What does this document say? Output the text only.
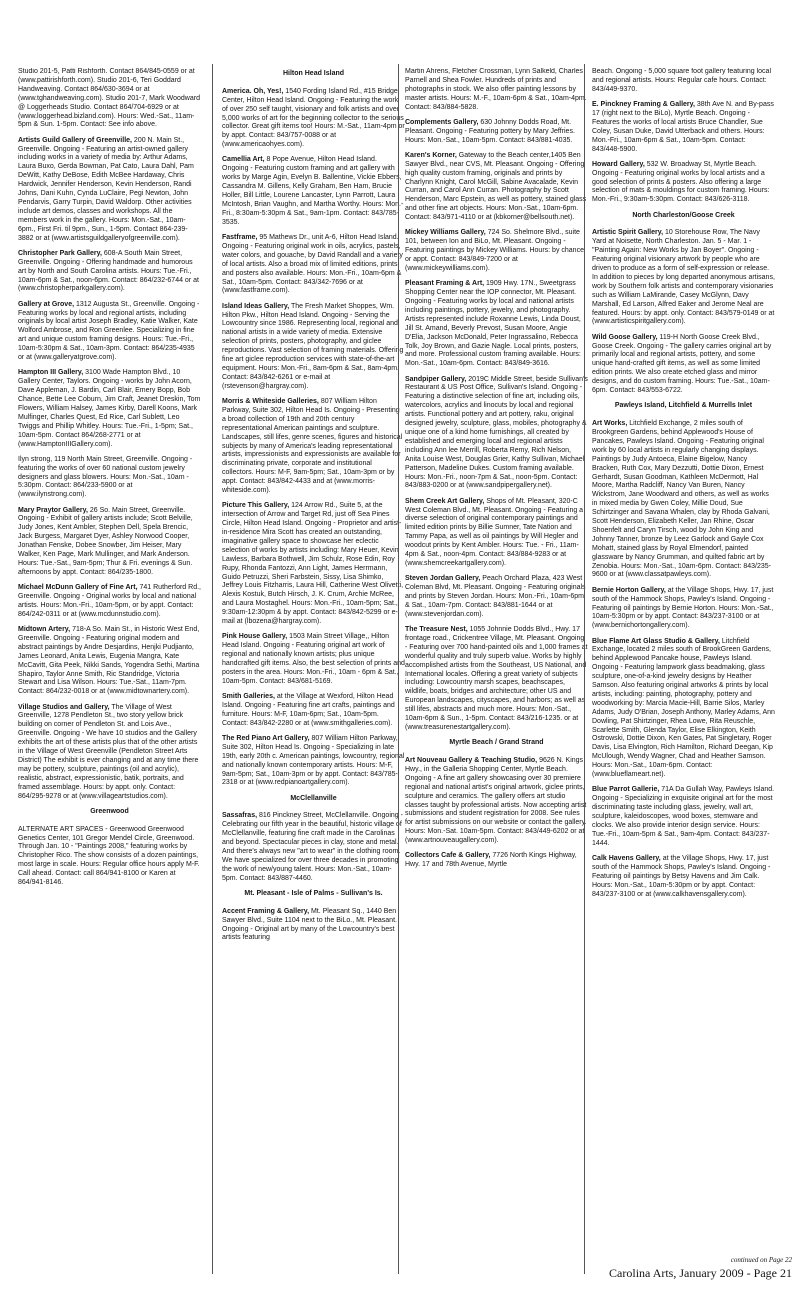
Studio 201-5, Patti Rishforth. Contact 864/845-0559 or at (www.pattirishforth.com). Studio 201-6, Teri Goddard Handweaving. Contact 864/630-3694 or at (www.tghandweaving.com). Studio 201-7, Mark Woodward @ Loggerheads Studio. Contact 864/704-6929 or at (www.loggerhead.bizland.com). Hours: Wed.-Sat., 11am-5pm & Sun. 1-5pm. Contact: See info above.

Artists Guild Gallery of Greenville, 200 N. Main St., Greenville. Ongoing - Featuring an artist-owned gallery including works in a variety of media by: Arthur Adams, Laura Buxo, Gerda Bowman, Pat Cato, Laura Dahl, Pam DeWitt, Kathy DeBose, Edith McBee Hardaway, Chris Hardwick, Jennifer Henderson, Kevin Henderson, Randi Johns, Dani Kuhn, Cynda LuClaire, Pegi Newton, John Pendarvis, Garry Turpin, David Waldorp. Other activities include art demos, classes and workshops. All the members work in the gallery. Hours: Mon.-Sat., 10am-6pm., First Fri. til 9pm., Sun., 1-5pm. Contact 864-239-3882 or at (www.artistsguildgalleryofgreenville.com).

Christopher Park Gallery, 608-A South Main Street, Greenville. Ongoing - Offering handmade and humorous art by North and South Carolina artists. Hours: Tue.-Fri., 10am-6pm & Sat., noon-6pm. Contact: 864/232-6744 or at (www.christopherparkgallery.com).

Gallery at Grove, 1312 Augusta St., Greenville. Ongoing - Featuring works by local and regional artists, including originals by local artist Joseph Bradley, Katie Walker, Kate Wolford Ambrose, and Ron Greenlee. Specializing in fine art and unique custom framing designs. Hours: Tue.-Fri., 10am-5:30pm & Sat., 10am-3pm. Contact: 864/235-4935 or at (www.galleryatgrove.com).

Hampton III Gallery, 3100 Wade Hampton Blvd., 10 Gallery Center, Taylors. Ongoing - works by John Acorn, Dave Appleman, J. Bardin, Carl Blair, Emery Bopp, Bob Chance, Bette Lee Coburn, Jim Craft, Jeanet Dreskin, Tom Flowers, William Halsey, James Kirby, Darell Koons, Mark Mulfinger, Charles Quest, Ed Rice, Carl Sublett, Leo Twiggs and Phillip Whitley. Hours: Tue.-Fri., 1-5pm; Sat., 10am-5pm. Contact 864/268-2771 or at (www.HamptonIIIGallery.com).

Ilyn strong, 119 North Main Street, Greenville. Ongoing - featuring the works of over 60 national custom jewelry designers and glass blowers. Hours: Mon.-Sat., 10am - 5:30pm. Contact: 864/233-5900 or at (www.ilynstrong.com).

Mary Praytor Gallery, 26 So. Main Street, Greenville. Ongoing - Exhibit of gallery artists include; Scott Belville, Judy Jones, Kent Ambler, Stephen Dell, Spela Brencic, Jack Burgess, Margaret Dyer, Ashley Norwood Cooper, Jonathan Fenske, Dobee Snowber, Jim Heiser, Mary Walker, Ken Page, Mark Mullinger, and Mark Anderson. Hours: Tue.-Sat., 9am-5pm; Thur & Fri. evenings & Sun. afternoons by appt. Contact: 864/235-1800.

Michael McDunn Gallery of Fine Art, 741 Rutherford Rd., Greenville. Ongoing - Original works by local and national artists. Hours: Mon.-Fri., 10am-5pm, or by appt. Contact: 864/242-0311 or at (www.mcdunnstudio.com).

Midtown Artery, 718-A So. Main St., in Historic West End, Greenville. Ongoing - Featuring original modern and abstract paintings by Andre Desjardins, Henjki Pudjianto, James Leonard, Anita Lewis, Eugenia Mangra, Kate McCavitt, Gita Peek, Nikki Sands, Yogendra Sethi, Martina Shapiro, Taylor Anne Smith, Ric Standridge, Victoria Stewart and Lisa Wilson. Hours: Tue.-Sat., 11am-7pm. Contact: 864/232-0018 or at (www.midtownartery.com).

Village Studios and Gallery, The Village of West Greenville, 1278 Pendleton St., two story yellow brick building on corner of Pendleton St. and Lois Ave., Greenville. Ongoing - We have 10 studios and the Gallery exhibits the art of these artists plus that of the other artists in the Village of West Greenville (Pendleton Street Arts District) The exhibit is ever changing and at any time there may be pottery, sculpture, paintings (oil and acrylic), realistic, abstract, expressionistic, batik, portraits, and framed assemblage. Hours: by appt. only. Contact: 864/295-9278 or at (www.villageartstudios.com).

Greenwood

ALTERNATE ART SPACES - Greenwood Greenwood Genetics Center, 101 Gregor Mendel Circle, Greenwood. Through Jan. 10 - "Paintings 2008," featuring works by Christopher Rico. The show consists of a dozen paintings, most large in scale. Hours: Regular office hours apply M-F. Call ahead. Contact: call 864/941-8100 or Karen at 864/941-8146.

Hilton Head Island

America. Oh, Yes!, 1540 Fording Island Rd., #15 Bridge Center, Hilton Head Island. Ongoing - Featuring the work of over 250 self taught, visionary and folk artists and over 5,000 works of art for the beginning collector to the serious collector. Great gift items too! Hours: M.-Sat., 11am-4pm or by appt. Contact: 843/757-0088 or at (www.americaohyes.com).

Camellia Art, 8 Pope Avenue, Hilton Head Island. Ongoing - Featuring custom framing and art gallery with works by Marge Agin, Evelyn B. Ballentine, Vickie Ebbers, Cassandra M. Gillens, Kelly Graham, Ben Ham, Brucie Holler, Bill Little, Lourene Lancaster, Lynn Parrott, Laura McIntosh, Brian Vaughn, and Martha Worthy. Hours: Mon.-Fri., 8:30am-5:30pm & Sat., 9am-1pm. Contact: 843/785-3535.

Fastframe, 95 Mathews Dr., unit A-6, Hilton Head Island. Ongoing - Featuring original work in oils, acrylics, pastels, water colors, and gouache, by David Randall and a variety of local artists. Also a broad mix of limited editions, prints and posters also available. Hours: Mon.-Fri., 10am-6pm & Sat., 10am-5pm. Contact: 843/342-7696 or at (www.fastframe.com).

Island Ideas Gallery, The Fresh Market Shoppes, Wm. Hilton Pkw., Hilton Head Island. Ongoing - Serving the Lowcountry since 1986. Representing local, regional and national artists in a wide variety of media. Extensive selection of prints, posters, photography, and giclee reproductions. Vast selection of framing materials. Offering fine art giclee reproduction services with state-of-the-art equipment. Hours: Mon.-Fri., 8am-6pm & Sat., 8am-4pm. Contact: 843/842-6261 or e-mail at (rstevenson@hargray.com).

Morris & Whiteside Galleries, 807 William Hilton Parkway, Suite 302, Hilton Head Is. Ongoing - Presenting a broad collection of 19th and 20th century representational American paintings and sculpture. Landscapes, still lifes, genre scenes, figures and historical subjects by many of America's leading representational artists, impressionists and expressionists are available for discriminating private, corporate and institutional collectors. Hours: M-F, 9am-5pm; Sat., 10am-3pm or by appt. Contact: 843/842-4433 and at (www.morris-whiteside.com).

Picture This Gallery, 124 Arrow Rd., Suite 5, at the intersection of Arrow and Target Rd, just off Sea Pines Circle, Hilton Head Island. Ongoing - Proprietor and artist-in-residence Mira Scott has created an outstanding, imaginative gallery space to showcase her eclectic selection of works by artists including: Mary Heuer, Kevin Lawless, Barbara Bothwell, Jim Schulz, Rose Edin, Roy Rupy, Rhonda Fantozzi, Ann Light, James Herrmann, Guido Petruzzi, Sheri Farbstein, Sissy, Lisa Shimko, Jeffrey Louis Fitzharris, Laura Hill, Catherine West Olivetti, Alexis Kostuk, Butch Hirsch, J. K. Crum, Archie McRee, and Laura Mostaghel. Hours: Mon.-Fri., 10am-5pm; Sat., 9:30am-12:30pm & by appt. Contact: 843/842-5299 or e-mail at (lbozena@hargray.com).

Pink House Gallery, 1503 Main Street Village,, Hilton Head Island. Ongoing - Featuring original art work of regional and nationally known artists; plus unique handcrafted gift items. Also, the best selection of prints and posters in the area. Hours: Mon.-Fri., 10am - 6pm & Sat., 10am-5pm. Contact: 843/681-5169.

Smith Galleries, at the Village at Wexford, Hilton Head Island. Ongoing - Featuring fine art crafts, paintings and furniture. Hours: M-F, 10am-6pm; Sat., 10am-5pm. Contact: 843/842-2280 or at (www.smithgalleries.com).

The Red Piano Art Gallery, 807 William Hilton Parkway, Suite 302, Hilton Head Is. Ongoing - Specializing in late 19th, early 20th c. American paintings, lowcountry, regional and nationally known contemporary artists. Hours: M-F, 9am-5pm; Sat., 10am-3pm or by appt. Contact: 843/785-2318 or at (www.redpianoartgallery.com).

McClellanville

Sassafras, 816 Pinckney Street, McClellanville. Ongoing - Celebrating our fifth year in the beautiful, historic village of McClellanville, featuring fine craft made in the Carolinas and beyond. Spectacular pieces in clay, stone and metal. And there's always new "art to wear" in the clothing room. We have specialized for over three decades in promoting the work of new/young talent. Hours: Mon.-Sat., 10am-5pm. Contact: 843/887-4460.

Mt. Pleasant - Isle of Palms - Sullivan's Is.

Accent Framing & Gallery, Mt. Pleasant Sq., 1440 Ben Sawyer Blvd., Suite 1104 next to the BiLo., Mt. Pleasant. Ongoing - Original art by many of the Lowcountry's best artists featuring

Martin Ahrens, Fletcher Crossman, Lynn Salkeld, Charles Parnell and Shea Fowler. Hundreds of prints and photographs in stock. We also offer painting lessons by master artists. Hours: M.-F., 10am-6pm & Sat., 10am-4pm. Contact: 843/884-5828.

Complements Gallery, 630 Johnny Dodds Road, Mt. Pleasant. Ongoing - Featuring pottery by Mary Jeffries. Hours: Mon.-Sat., 10am-5pm. Contact: 843/881-4035.

Karen's Korner, Gateway to the Beach center,1405 Ben Sawyer Blvd., near CVS, Mt. Pleasant. Ongoing - Offering high quality custom framing, originals and prints by Charlynn Knight, Carol McGill, Sabine Avacalade, Kevin Curran, and Carol Ann Curran. Photography by Scott Henderson, Marc Epstein, as well as pottery, stained glass and other fine art objects. Hours: Mon.-Sat., 10am-6pm. Contact: 843/971-4110 or at (kbkorner@bellsouth.net).

Mickey Williams Gallery, 724 So. Shelmore Blvd., suite 101, between Ion and BiLo, Mt. Pleasant. Ongoing - Featuring paintings by Mickey Williams. Hours: by chance or appt. Contact: 843/849-7200 or at (www.mickeywilliams.com).

Pleasant Framing & Art, 1909 Hwy. 17N., Sweetgrass Shopping Center near the IOP connector, Mt. Pleasant. Ongoing - Featuring works by local and national artists including paintings, pottery, jewelry, and photography. Artists represented include Roxanne Lewis, Linda Doust, Jill St. Amand, Beverly Prevost, Susan Moore, Angie D'Elia, Jackson McDonald, Peter Ingrassalino, Rebecca Tolk, Joy Brown, and Gazie Nagle. Local prints, posters, and more. Professional custom framing available. Hours: Mon.-Sat., 10am-6pm. Contact: 843/849-3616.

Sandpiper Gallery, 2019C Middle Street, beside Sullivan's Restaurant & US Post Office, Sullivan's Island. Ongoing - Featuring a distinctive selection of fine art, including oils, watercolors, acrylics and linocuts by local and regional artists. Functional pottery and art pottery, raku, original designed jewelry, sculpture, glass, mobiles, photography & unique one of a kind home furnishings, all created by established and emerging local and regional artists including Ann lee Merrill, Roberta Remy, Rich Nelson, Anita Louise West, Douglas Grier, Kathy Sullivan, Michael Patterson, Madeline Dukes. Custom framing available. Hours: Mon.-Fri., noon-7pm & Sat., noon-5pm. Contact: 843/883-0200 or at (www.sandpipergallery.net).

Shem Creek Art Gallery, Shops of Mt. Pleasant, 320-C West Coleman Blvd., Mt. Pleasant. Ongoing - Featuring a diverse selection of original contemporary paintings and limited edition prints by Billie Sumner, Tate Nation and Tammy Papa, as well as oil paintings by Will Hegler and woodcut prints by Kent Ambler. Hours: Tue. - Fri., 11am-4pm & Sat., noon-4pm. Contact: 843/884-9283 or at (www.shemcreekartgallery.com).

Steven Jordan Gallery, Peach Orchard Plaza, 423 West Coleman Blvd, Mt. Pleasant. Ongoing - Featuring originals and prints by Steven Jordan. Hours: Mon.-Fri., 10am-6pm & Sat., 10am-7pm. Contact: 843/881-1644 or at (www.stevenjordan.com).

The Treasure Nest, 1055 Johnnie Dodds Blvd., Hwy. 17 frontage road., Crickentree Village, Mt. Pleasant. Ongoing - Featuring over 700 hand-painted oils and 1,000 frames at wonderful quality and truly superb value. Works by highly accomplished artists from the Southeast, US National, and International locales. Offering a great variety of subjects including: Lowcountry marsh scapes, beachscapes, wildlife, boats, bridges and architecture; other US and European landscapes, cityscapes, and harbors; as well as still lifes, abstracts and much more. Hours: Mon.-Sat., 10am-6pm & Sun., 1-5pm. Contact: 843/216-1235. or at (www.treasurenestartgallery.com).

Myrtle Beach / Grand Strand

Art Nouveau Gallery & Teaching Studio, 9626 N. Kings Hwy., in the Galleria Shopping Center, Myrtle Beach. Ongoing - A fine art gallery showcasing over 30 premiere regional and national artist's original artwork, giclee prints, sculpture and ceramics. The gallery offers art studio classes taught by professional artists. Now accepting artist submissions and student registration for 2008. See rules for artist submissions on our website or contact the gallery. Hours: Mon.-Sat. 10am-5pm. Contact: 843/449-6202 or at (www.artnouveaugallery.com).

Collectors Cafe & Gallery, 7726 North Kings Highway, Hwy. 17 and 78th Avenue, Myrtle

Beach. Ongoing - 5,000 square foot gallery featuring local and regional artists. Hours: Regular cafe hours. Contact: 843/449-9370.

E. Pinckney Framing & Gallery, 38th Ave N. and By-pass 17 (right next to the BiLo), Myrtle Beach. Ongoing - Features the works of local artists Bruce Chandler, Sue Coley, Susan Duke, David Utterback and others. Hours: Mon.-Fri., 10am-6pm & Sat., 10am-5pm. Contact: 843/448-5900.

Howard Gallery, 532 W. Broadway St, Myrtle Beach. Ongoing - Featuring original works by local artists and a good selection of prints & posters. Also offering a large selection of mats & mouldings for custom framing. Hours: Mon.-Fri., 9:30am-5:30pm. Contact: 843/626-3118.

North Charleston/Goose Creek

Artistic Spirit Gallery, 10 Storehouse Row, The Navy Yard at Noisette, North Charleston. Jan. 5 - Mar. 1 - "Painting Again: New Works by Jan Boyer". Ongoing - Featuring original visionary artwork by people who are driven to produce as a form of self-expression or release. In addition to pieces by long departed anonymous artisans, work by Southern folk artists and contemporary visionaries such as William LaMirande, Casey McGlynn, Davy Marshall, Ed Larson, Alfred Eaker and Jerome Neal are featured. Hours: by appt. only. Contact: 843/579-0149 or at (www.artisticspiritgallery.com).

Wild Goose Gallery, 119-H North Goose Creek Blvd., Goose Creek. Ongoing - The gallery carries original art by primarily local and regional artists, pottery, and some unique hand-crafted gift items, as well as some limited edition prints. We also create etched glass and mirror designs, and do custom framing. Hours: Tue.-Sat., 10am-6pm. Contact: 843/553-6722.

Pawleys Island, Litchfield & Murrells Inlet

Art Works, Litchfield Exchange, 2 miles south of Brookgreen Gardens, behind Applewood's House of Pancakes, Pawleys Island. Ongoing - Featuring original work by 60 local artists in regularly changing displays. Paintings by Judy Antoeca, Elaine Bigelow, Nancy Bracken, Ruth Cox, Mary Dezzutti, Dottie Dixon, Ernest Gerhardt, Susan Goodman, Kathleen McDermott, Hal Moore, Martha Radcliff, Nancy Van Buren, Nancy Wickstrom, Jane Woodward and others, as well as works in mixed media by Gwen Coley, Millie Doud, Sue Schirtzinger and Savana Whalen, clay by Rhoda Galvani, Scott Henderson, Elizabeth Keller, Jan Rhine, Oscar Shoenfelt and Caryn Tirsch, wood by John King and Johnny Tanner, bronze by Leez Garlock and Gayle Cox Mohatt, stained glass by Royal Elmendorf, painted glassware by Nancy Grumman, and quilted fabric art by Zenobia. Hours: Mon.-Sat., 10am-6pm. Contact: 843/235-9600 or at (www.classatpawleys.com).

Bernie Horton Gallery, at the Village Shops, Hwy. 17, just south of the Hammock Shops, Pawley's Island. Ongoing - Featuring oil paintings by Bernie Horton. Hours: Mon.-Sat., 10am-5:30pm or by appt. Contact: 843/237-3100 or at (www.bernichortongallery.com).

Blue Flame Art Glass Studio & Gallery, Litchfield Exchange, located 2 miles south of BrookGreen Gardens, behind Applewood Pancake house, Pawleys Island. Ongoing - Featuring lampwork glass beadmaking, glass sculpture, one-of-a-kind jewelry designs by Heather Samson. Also featuring original artworks & prints by local artists, including: painting, photography, pottery and woodworking by: Marcia Macie-Hill, Barrie Silos, Marley Adams, Judy O'Brian, Joseph Anthony, Marley Adams, Ann Dowling, Pat Shirtzinger, Rhea Lowe, Rita Reuschle, Scarlette Smith, Glenda Taylor, Elise Elkington, Keith Ostrowski, Dottie Dixon, Ken Gates, Pat Singletary, Roger Davis, Lisa Elvington, Rich Hamilton, Richard Deegan, Kip McUlough, Wendy Wagner, Chad and Heather Samson. Hours: Mon.-Sat., 10am-6pm. Contact: (www.blueflameart.net).

Blue Parrot Gallerie, 71A Da Gullah Way, Pawleys Island. Ongoing - Specializing in exquisite original art for the most discriminating taste including glass, jewelry, wall art, sculpture, kaleidoscopes, wood boxes, stemware and clocks. We also provide interior design service. Hours: Tue.-Fri., 10am-5pm & Sat., 9am-4pm. Contact: 843/237-1444.

Calk Havens Gallery, at the Village Shops, Hwy. 17, just south of the Hammock Shops, Pawley's Island. Ongoing - Featuring oil paintings by Betsy Havens and Jim Calk. Hours: Mon.-Sat., 10am-5:30pm or by appt. Contact: 843/237-3100 or at (www.calkhavensgallery.com).

continued on Page 22
Carolina Arts, January 2009 - Page 21
